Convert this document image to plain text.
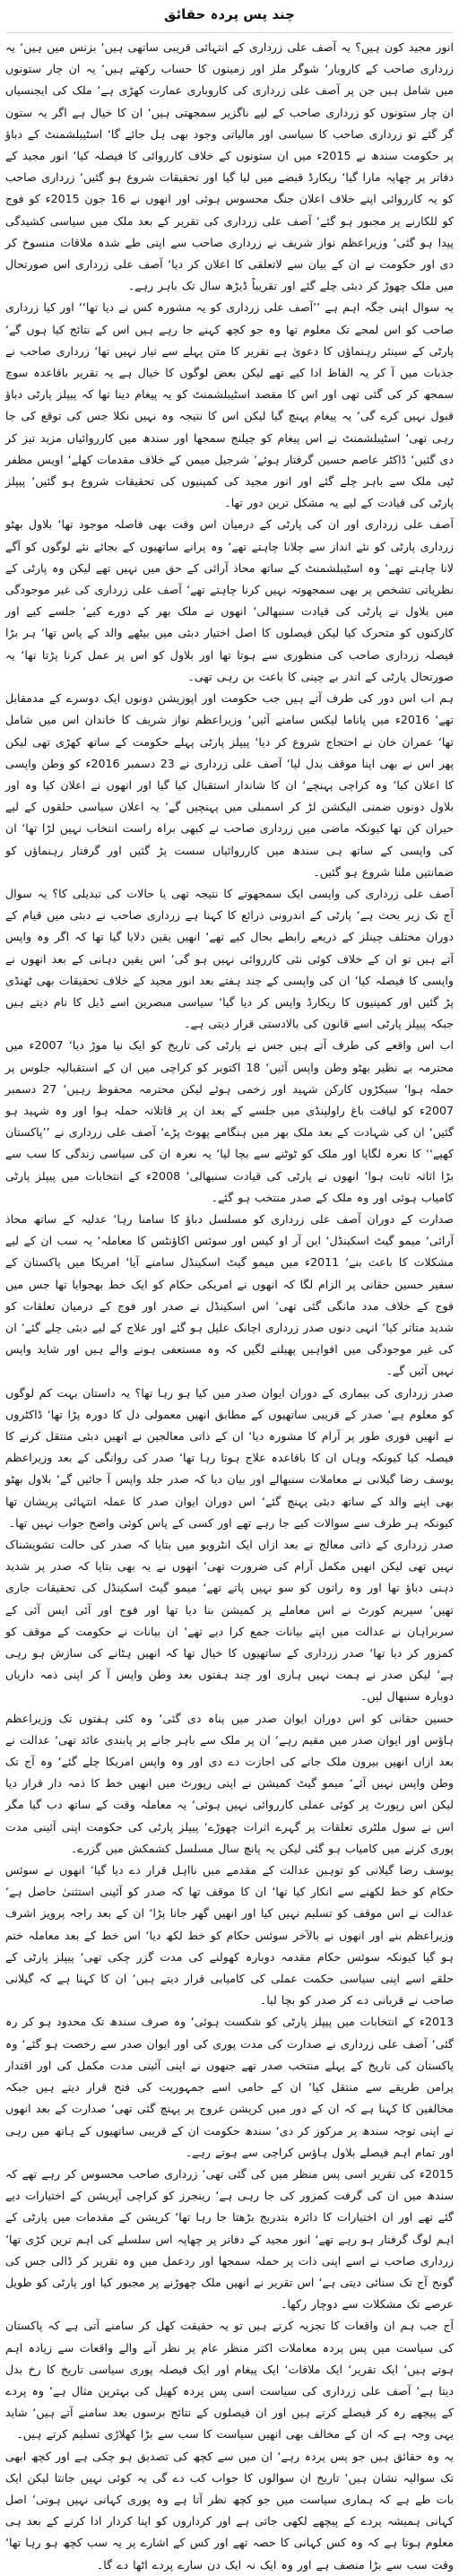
چند پس پردہ حقائق

انور مجید کون ہیں؟ یہ آصف علی زرداری کے انتہائی قریبی ساتھی ہیں‘ بزنس میں ہیں‘ یہ زرداری صاحب کے کاروبار‘ شوگر ملز اور زمینوں کا حساب رکھتے ہیں‘ یہ ان چار ستونوں میں شامل ہیں جن پر آصف علی زرداری کی کاروباری عمارت کھڑی ہے‘ ملک کی ایجنسیاں ان چار ستونوں کو زرداری صاحب کے لیے ناگزیر سمجھتی ہیں‘ ان کا خیال ہے اگر یہ ستون گر گئے تو زرداری صاحب کا سیاسی اور مالیاتی وجود بھی ہل جائے گا‘ اسٹیبلشمنٹ کے دباؤ پر حکومت سندھ نے 2015ء میں ان ستونوں کے خلاف کارروائی کا فیصلہ کیا‘ انور مجید کے دفاتر پر چھاپہ مارا گیا‘ ریکارڈ قبضے میں لیا گیا اور تحقیقات شروع ہو گئیں‘ زرداری صاحب کو یہ کارروائی اپنے خلاف اعلان جنگ محسوس ہوئی اور انھوں نے 16 جون 2015ء کو فوج کو للکارنے پر مجبور ہو گئے‘ آصف علی زرداری کی تقریر کے بعد ملک میں سیاسی کشیدگی پیدا ہو گئی‘ وزیراعظم نواز شریف نے زرداری صاحب سے اپنی طے شدہ ملاقات منسوخ کر دی اور حکومت نے ان کے بیان سے لاتعلقی کا اعلان کر دیا‘ آصف علی زرداری اس صورتحال میں ملک چھوڑ کر دبئی چلے گئے اور تقریباً ڈیڑھ سال تک باہر رہے۔

یہ سوال اپنی جگہ اہم ہے ’’آصف علی زرداری کو یہ مشورہ کس نے دیا تھا‘‘ اور کیا زرداری صاحب کو اس لمحے تک معلوم تھا وہ جو کچھ کہنے جا رہے ہیں اس کے نتائج کیا ہوں گے‘ پارٹی کے سینئر رہنماؤں کا دعویٰ ہے تقریر کا متن پہلے سے تیار نہیں تھا‘ زرداری صاحب نے جذبات میں آ کر یہ الفاظ ادا کیے تھے لیکن بعض لوگوں کا خیال ہے یہ تقریر باقاعدہ سوچ سمجھ کر کی گئی تھی اور اس کا مقصد اسٹیبلشمنٹ کو یہ پیغام دینا تھا کہ پیپلز پارٹی دباؤ قبول نہیں کرے گی‘ یہ پیغام پہنچ گیا لیکن اس کا نتیجہ وہ نہیں نکلا جس کی توقع کی جا رہی تھی‘ اسٹیبلشمنٹ نے اس پیغام کو چیلنج سمجھا اور سندھ میں کارروائیاں مزید تیز کر دی گئیں‘ ڈاکٹر عاصم حسین گرفتار ہوئے‘ شرجیل میمن کے خلاف مقدمات کھلے‘ اویس مظفر ٹپی ملک سے باہر چلے گئے اور انور مجید کی کمپنیوں کی تحقیقات شروع ہو گئیں‘ پیپلز پارٹی کی قیادت کے لیے یہ مشکل ترین دور تھا۔

آصف علی زرداری اور ان کی پارٹی کے درمیان اس وقت بھی فاصلہ موجود تھا‘ بلاول بھٹو زرداری پارٹی کو نئے انداز سے چلانا چاہتے تھے‘ وہ پرانے ساتھیوں کے بجائے نئے لوگوں کو آگے لانا چاہتے تھے‘ وہ اسٹیبلشمنٹ کے ساتھ محاذ آرائی کے حق میں نہیں تھے لیکن وہ پارٹی کے نظریاتی تشخص پر بھی سمجھوتہ نہیں کرنا چاہتے تھے‘ آصف علی زرداری کی غیر موجودگی میں بلاول نے پارٹی کی قیادت سنبھالی‘ انھوں نے ملک بھر کے دورے کیے‘ جلسے کیے اور کارکنوں کو متحرک کیا لیکن فیصلوں کا اصل اختیار دبئی میں بیٹھے والد کے پاس تھا‘ ہر بڑا فیصلہ زرداری صاحب کی منظوری سے ہوتا تھا اور بلاول کو اس پر عمل کرنا پڑتا تھا‘ یہ صورتحال پارٹی کے اندر بے چینی کا باعث بن رہی تھی۔

ہم اب اس دور کی طرف آتے ہیں جب حکومت اور اپوزیشن دونوں ایک دوسرے کے مدمقابل تھے‘ 2016ء میں پاناما لیکس سامنے آئیں‘ وزیراعظم نواز شریف کا خاندان اس میں شامل تھا‘ عمران خان نے احتجاج شروع کر دیا‘ پیپلز پارٹی پہلے حکومت کے ساتھ کھڑی تھی لیکن پھر اس نے بھی اپنا موقف بدل لیا‘ آصف علی زرداری نے 23 دسمبر 2016ء کو وطن واپسی کا اعلان کیا‘ وہ کراچی پہنچے‘ ان کا شاندار استقبال کیا گیا اور انھوں نے اعلان کیا وہ اور بلاول دونوں ضمنی الیکشن لڑ کر اسمبلی میں پہنچیں گے‘ یہ اعلان سیاسی حلقوں کے لیے حیران کن تھا کیونکہ ماضی میں زرداری صاحب نے کبھی براہ راست انتخاب نہیں لڑا تھا‘ ان کی واپسی کے ساتھ ہی سندھ میں کارروائیاں سست پڑ گئیں اور گرفتار رہنماؤں کو ضمانتیں ملنا شروع ہو گئیں۔

آصف علی زرداری کی واپسی ایک سمجھوتے کا نتیجہ تھی یا حالات کی تبدیلی کا؟ یہ سوال آج تک زیر بحث ہے‘ پارٹی کے اندرونی ذرائع کا کہنا ہے زرداری صاحب نے دبئی میں قیام کے دوران مختلف چینلز کے ذریعے رابطے بحال کیے تھے‘ انھیں یقین دلایا گیا تھا کہ اگر وہ واپس آتے ہیں تو ان کے خلاف کوئی نئی کارروائی نہیں ہو گی‘ اس یقین دہانی کے بعد انھوں نے واپسی کا فیصلہ کیا‘ ان کی واپسی کے چند ہفتے بعد انور مجید کے خلاف تحقیقات بھی ٹھنڈی پڑ گئیں اور کمپنیوں کا ریکارڈ واپس کر دیا گیا‘ سیاسی مبصرین اسے ڈیل کا نام دیتے ہیں جبکہ پیپلز پارٹی اسے قانون کی بالادستی قرار دیتی ہے۔

اب اس واقعے کی طرف آتے ہیں جس نے پارٹی کی تاریخ کو ایک نیا موڑ دیا‘ 2007ء میں محترمہ بے نظیر بھٹو وطن واپس آئیں‘ 18 اکتوبر کو کراچی میں ان کے استقبالیہ جلوس پر حملہ ہوا‘ سیکڑوں کارکن شہید اور زخمی ہوئے لیکن محترمہ محفوظ رہیں‘ 27 دسمبر 2007ء کو لیاقت باغ راولپنڈی میں جلسے کے بعد ان پر قاتلانہ حملہ ہوا اور وہ شہید ہو گئیں‘ ان کی شہادت کے بعد ملک بھر میں ہنگامے پھوٹ پڑے‘ آصف علی زرداری نے ’’پاکستان کھپے‘‘ کا نعرہ لگایا اور ملک کو ٹوٹنے سے بچا لیا‘ یہ نعرہ ان کی سیاسی زندگی کا سب سے بڑا اثاثہ ثابت ہوا‘ انھوں نے پارٹی کی قیادت سنبھالی‘ 2008ء کے انتخابات میں پیپلز پارٹی کامیاب ہوئی اور وہ ملک کے صدر منتخب ہو گئے۔

صدارت کے دوران آصف علی زرداری کو مسلسل دباؤ کا سامنا رہا‘ عدلیہ کے ساتھ محاذ آرائی‘ میمو گیٹ اسکینڈل‘ این آر او کیس اور سوئس اکاؤنٹس کا معاملہ‘ یہ سب ان کے لیے مشکلات کا باعث بنے‘ 2011ء میں میمو گیٹ اسکینڈل سامنے آیا‘ امریکا میں پاکستان کے سفیر حسین حقانی پر الزام لگا کہ انھوں نے امریکی حکام کو ایک خط بھجوایا تھا جس میں فوج کے خلاف مدد مانگی گئی تھی‘ اس اسکینڈل نے صدر اور فوج کے درمیان تعلقات کو شدید متاثر کیا‘ انہی دنوں صدر زرداری اچانک علیل ہو گئے اور علاج کے لیے دبئی چلے گئے‘ ان کی غیر موجودگی میں افواہیں پھیلنے لگیں کہ وہ مستعفی ہونے والے ہیں اور شاید واپس نہیں آئیں گے۔

صدر زرداری کی بیماری کے دوران ایوان صدر میں کیا ہو رہا تھا؟ یہ داستان بہت کم لوگوں کو معلوم ہے‘ صدر کے قریبی ساتھیوں کے مطابق انھیں معمولی دل کا دورہ پڑا تھا‘ ڈاکٹروں نے انھیں فوری طور پر آرام کا مشورہ دیا‘ ان کے ذاتی معالجین نے انھیں دبئی منتقل کرنے کا فیصلہ کیا کیونکہ وہاں ان کا باقاعدہ علاج ہوتا رہا تھا‘ صدر کی روانگی کے بعد وزیراعظم یوسف رضا گیلانی نے معاملات سنبھالے اور بیان دیا کہ صدر جلد واپس آ جائیں گے‘ بلاول بھٹو بھی اپنے والد کے ساتھ دبئی پہنچ گئے‘ اس دوران ایوان صدر کا عملہ انتہائی پریشان تھا کیونکہ ہر طرف سے سوالات کیے جا رہے تھے اور کسی کے پاس کوئی واضح جواب نہیں تھا۔

صدر زرداری کے ذاتی معالج نے بعد ازاں ایک انٹرویو میں بتایا کہ صدر کی حالت تشویشناک نہیں تھی لیکن انھیں مکمل آرام کی ضرورت تھی‘ انھوں نے یہ بھی بتایا کہ صدر پر شدید ذہنی دباؤ تھا اور وہ راتوں کو سو نہیں پاتے تھے‘ میمو گیٹ اسکینڈل کی تحقیقات جاری تھیں‘ سپریم کورٹ نے اس معاملے پر کمیشن بنا دیا تھا اور فوج اور آئی ایس آئی کے سربراہان نے عدالت میں اپنے بیانات جمع کرا دیے تھے‘ ان بیانات نے حکومت کے موقف کو کمزور کر دیا تھا‘ صدر زرداری کے ساتھیوں کا خیال تھا کہ انھیں ہٹانے کی سازش ہو رہی ہے‘ لیکن صدر نے ہمت نہیں ہاری اور چند ہفتوں بعد وطن واپس آ کر اپنی ذمہ داریاں دوبارہ سنبھال لیں۔

حسین حقانی کو اس دوران ایوان صدر میں پناہ دی گئی‘ وہ کئی ہفتوں تک وزیراعظم ہاؤس اور ایوان صدر میں مقیم رہے‘ ان پر ملک سے باہر جانے پر پابندی عائد تھی‘ عدالت نے بعد ازاں انھیں بیرون ملک جانے کی اجازت دے دی اور وہ واپس امریکا چلے گئے‘ وہ آج تک وطن واپس نہیں آئے‘ میمو گیٹ کمیشن نے اپنی رپورٹ میں انھیں خط کا ذمہ دار قرار دیا لیکن اس رپورٹ پر کوئی عملی کارروائی نہیں ہوئی‘ یہ معاملہ وقت کے ساتھ دب گیا مگر اس نے سول ملٹری تعلقات پر گہرے اثرات چھوڑے‘ پیپلز پارٹی کی حکومت اپنی آئینی مدت پوری کرنے میں کامیاب ہو گئی لیکن یہ پانچ سال مسلسل کشمکش میں گزرے۔

یوسف رضا گیلانی کو توہین عدالت کے مقدمے میں نااہل قرار دے دیا گیا‘ انھوں نے سوئس حکام کو خط لکھنے سے انکار کیا تھا‘ ان کا موقف تھا کہ صدر کو آئینی استثنیٰ حاصل ہے‘ عدالت نے اس موقف کو تسلیم نہیں کیا اور انھیں گھر جانا پڑا‘ ان کے بعد راجہ پرویز اشرف وزیراعظم بنے اور انھوں نے بالآخر سوئس حکام کو خط لکھ دیا‘ اس خط کے بعد معاملہ ختم ہو گیا کیونکہ سوئس حکام مقدمہ دوبارہ کھولنے کی مدت گزر چکی تھی‘ پیپلز پارٹی کے حلقے اسے اپنی سیاسی حکمت عملی کی کامیابی قرار دیتے ہیں‘ ان کا کہنا ہے کہ گیلانی صاحب نے قربانی دے کر صدر کو بچا لیا۔

2013ء کے انتخابات میں پیپلز پارٹی کو شکست ہوئی‘ وہ صرف سندھ تک محدود ہو کر رہ گئی‘ آصف علی زرداری نے صدارت کی مدت پوری کی اور ایوان صدر سے رخصت ہو گئے‘ وہ پاکستان کی تاریخ کے پہلے منتخب صدر تھے جنھوں نے اپنی آئینی مدت مکمل کی اور اقتدار پرامن طریقے سے منتقل کیا‘ ان کے حامی اسے جمہوریت کی فتح قرار دیتے ہیں جبکہ مخالفین کا کہنا ہے کہ ان کے دور میں کرپشن عروج پر پہنچ گئی تھی‘ صدارت کے بعد انھوں نے اپنی توجہ سندھ پر مرکوز کر دی‘ سندھ حکومت ان کے قریبی ساتھیوں کے ہاتھ میں رہی اور تمام اہم فیصلے بلاول ہاؤس کراچی سے ہوتے رہے۔

2015ء کی تقریر اسی پس منظر میں کی گئی تھی‘ زرداری صاحب محسوس کر رہے تھے کہ سندھ میں ان کی گرفت کمزور کی جا رہی ہے‘ رینجرز کو کراچی آپریشن کے اختیارات دیے گئے تھے اور ان اختیارات کا دائرہ بتدریج بڑھتا جا رہا تھا‘ کرپشن کے مقدمات میں پارٹی کے اہم لوگ گرفتار ہو رہے تھے‘ انور مجید کے دفاتر پر چھاپہ اس سلسلے کی اہم ترین کڑی تھا‘ زرداری صاحب نے اسے اپنی ذات پر حملہ سمجھا اور ردعمل میں وہ تقریر کر ڈالی جس کی گونج آج تک سنائی دیتی ہے‘ اس تقریر نے انھیں ملک چھوڑنے پر مجبور کیا اور پارٹی کو طویل عرصے تک مشکلات سے دوچار رکھا۔

آج جب ہم ان واقعات کا تجزیہ کرتے ہیں تو یہ حقیقت کھل کر سامنے آتی ہے کہ پاکستان کی سیاست میں پس پردہ معاملات اکثر منظر عام پر نظر آنے والے واقعات سے زیادہ اہم ہوتے ہیں‘ ایک تقریر‘ ایک ملاقات‘ ایک پیغام اور ایک فیصلہ پوری سیاسی تاریخ کا رخ بدل دیتا ہے‘ آصف علی زرداری کی سیاست اسی پس پردہ کھیل کی بہترین مثال ہے‘ وہ پردے کے پیچھے رہ کر فیصلے کرتے ہیں اور ان فیصلوں کے نتائج برسوں بعد سامنے آتے ہیں‘ شاید یہی وجہ ہے کہ ان کے مخالف بھی انھیں سیاست کا سب سے بڑا کھلاڑی تسلیم کرتے ہیں۔

یہ وہ حقائق ہیں جو پس پردہ رہے‘ ان میں سے کچھ کی تصدیق ہو چکی ہے اور کچھ ابھی تک سوالیہ نشان ہیں‘ تاریخ ان سوالوں کا جواب کب دے گی یہ کوئی نہیں جانتا لیکن ایک بات طے ہے کہ ہماری سیاست میں جو کچھ نظر آتا ہے وہ پوری کہانی نہیں ہوتی‘ اصل کہانی ہمیشہ پردے کے پیچھے لکھی جاتی ہے اور کرداروں کو اپنا کردار ادا کرنے کے بعد ہی معلوم ہوتا ہے کہ وہ کس کہانی کا حصہ تھے اور کس کے اشارے پر یہ سب کچھ ہو رہا تھا‘ وقت سب سے بڑا منصف ہے اور وہ ایک نہ ایک دن سارے پردے اٹھا دے گا۔
